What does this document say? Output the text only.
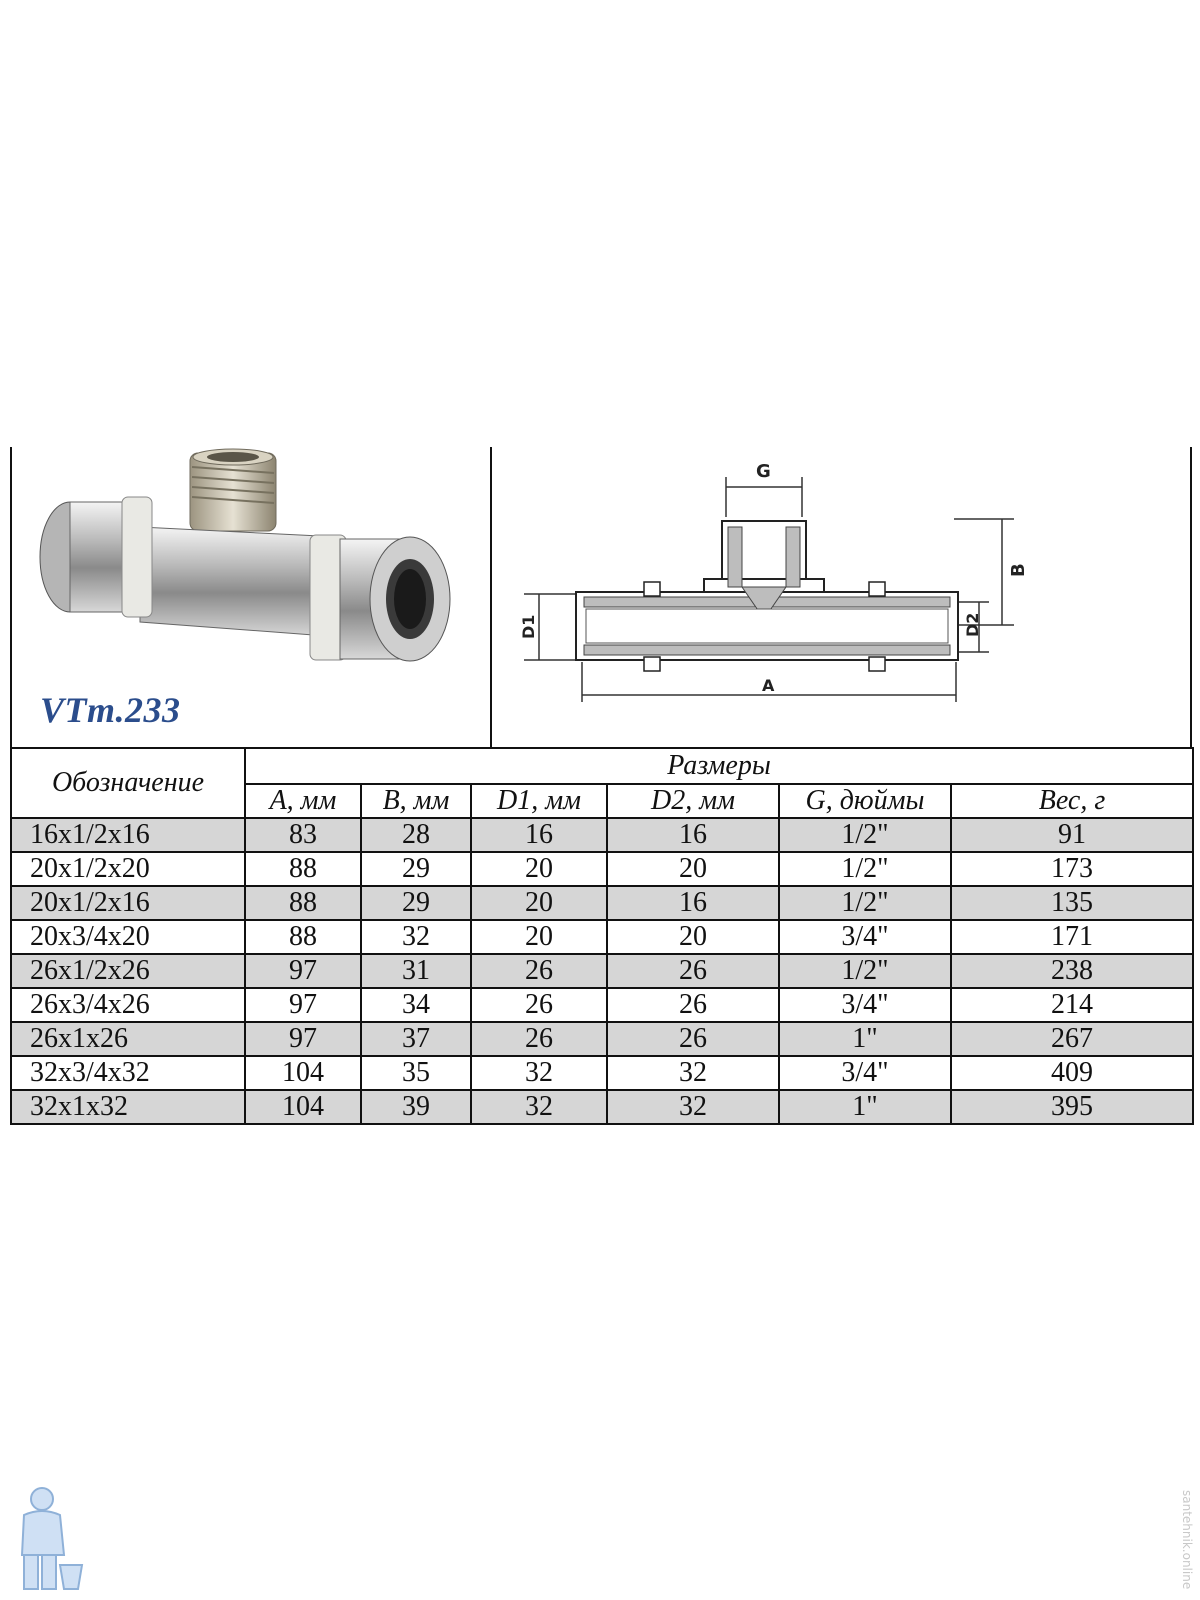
VTm.233
G
B
D2
D1
A
Обозначение	Размеры					
	A, мм	B, мм	D1, мм	D2, мм	G, дюймы	Вес, г
16x1/2x16	83	28	16	16	1/2"	91
20x1/2x20	88	29	20	20	1/2"	173
20x1/2x16	88	29	20	16	1/2"	135
20x3/4x20	88	32	20	20	3/4"	171
26x1/2x26	97	31	26	26	1/2"	238
26x3/4x26	97	34	26	26	3/4"	214
26x1x26	97	37	26	26	1"	267
32x3/4x32	104	35	32	32	3/4"	409
32x1x32	104	39	32	32	1"	395
santehnik.online
